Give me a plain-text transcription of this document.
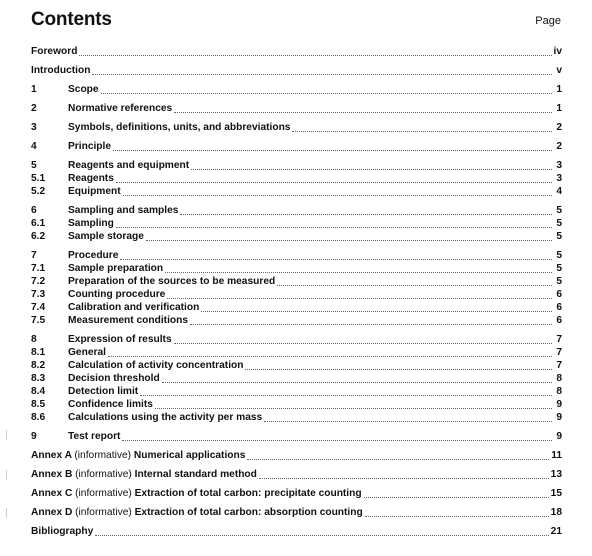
Contents	Page
Foreword	iv
Introduction	v
1	Scope	1
2	Normative references	1
3	Symbols, definitions, units, and abbreviations	2
4	Principle	2
5	Reagents and equipment	3
5.1	Reagents	3
5.2	Equipment	4
6	Sampling and samples	5
6.1	Sampling	5
6.2	Sample storage	5
7	Procedure	5
7.1	Sample preparation	5
7.2	Preparation of the sources to be measured	5
7.3	Counting procedure	6
7.4	Calibration and verification	6
7.5	Measurement conditions	6
8	Expression of results	7
8.1	General	7
8.2	Calculation of activity concentration	7
8.3	Decision threshold	8
8.4	Detection limit	8
8.5	Confidence limits	9
8.6	Calculations using the activity per mass	9
9	Test report	9
Annex A (informative) Numerical applications	11
Annex B (informative) Internal standard method	13
Annex C (informative) Extraction of total carbon: precipitate counting	15
Annex D (informative) Extraction of total carbon: absorption counting	18
Bibliography	21
